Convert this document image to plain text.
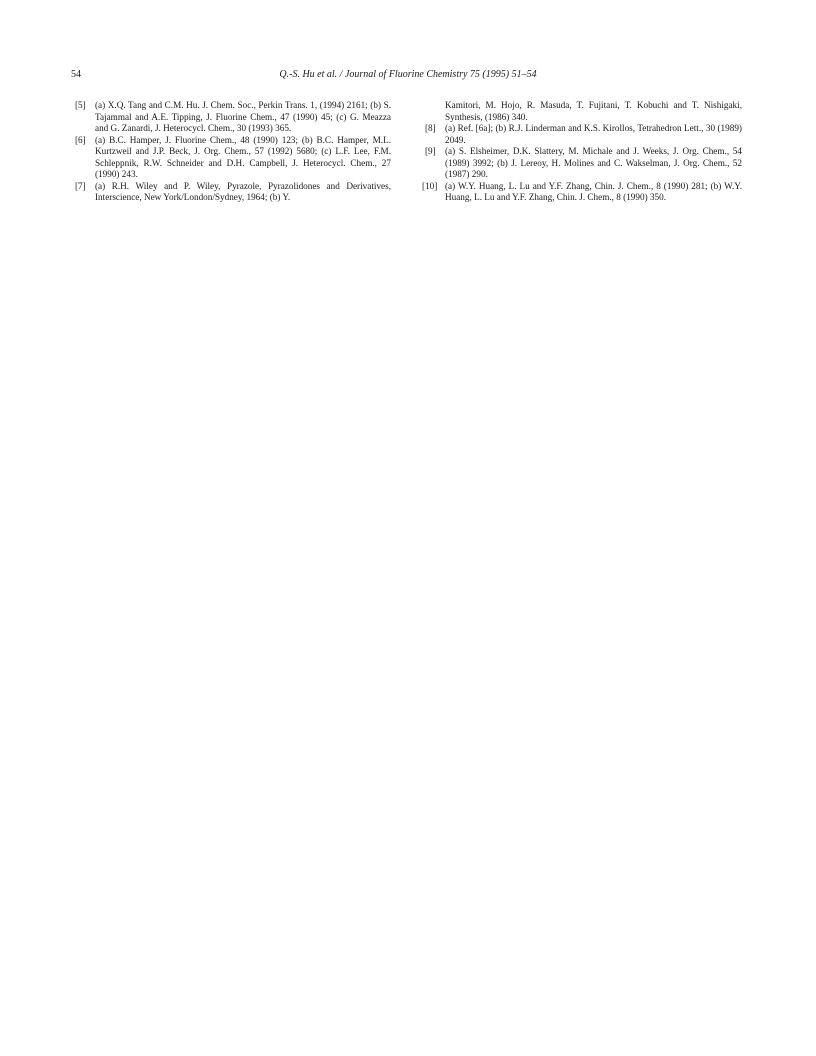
54	Q.-S. Hu et al. / Journal of Fluorine Chemistry 75 (1995) 51–54
[5] (a) X.Q. Tang and C.M. Hu. J. Chem. Soc., Perkin Trans. 1, (1994) 2161; (b) S. Tajammal and A.E. Tipping, J. Fluorine Chem., 47 (1990) 45; (c) G. Meazza and G. Zanardi, J. Heterocycl. Chem., 30 (1993) 365.
[6] (a) B.C. Hamper, J. Fluorine Chem., 48 (1990) 123; (b) B.C. Hamper, M.L. Kurtzweil and J.P. Beck, J. Org. Chem., 57 (1992) 5680; (c) L.F. Lee, F.M. Schleppnik, R.W. Schneider and D.H. Campbell, J. Heterocycl. Chem., 27 (1990) 243.
[7] (a) R.H. Wiley and P. Wiley, Pyrazole, Pyrazolidones and Derivatives, Interscience, New York/London/Sydney, 1964; (b) Y.
Kamitori, M. Hojo, R. Masuda, T. Fujitani, T. Kobuchi and T. Nishigaki, Synthesis, (1986) 340.
[8] (a) Ref. [6a]; (b) R.J. Linderman and K.S. Kirollos, Tetrahedron Lett., 30 (1989) 2049.
[9] (a) S. Elsheimer, D.K. Slattery, M. Michale and J. Weeks, J. Org. Chem., 54 (1989) 3992; (b) J. Lereoy, H. Molines and C. Wakselman, J. Org. Chem., 52 (1987) 290.
[10] (a) W.Y. Huang, L. Lu and Y.F. Zhang, Chin. J. Chem., 8 (1990) 281; (b) W.Y. Huang, L. Lu and Y.F. Zhang, Chin. J. Chem., 8 (1990) 350.
